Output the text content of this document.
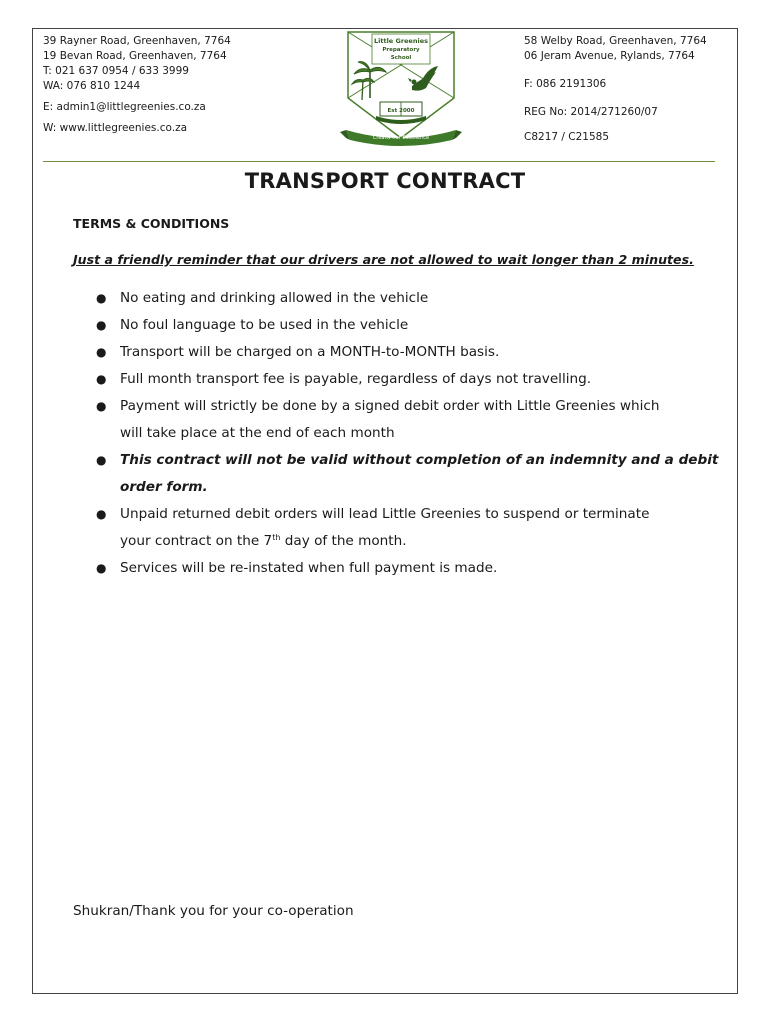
39 Rayner Road, Greenhaven, 7764
19 Bevan Road, Greenhaven, 7764
T: 021 637 0954 / 633 3999
WA: 076 810 1244
E: admin1@littlegreenies.co.za
W: www.littlegreenies.co.za
Little Greenies
Preparatory
School
Est 2000
Creativ nur Excellence
58 Welby Road, Greenhaven, 7764
06 Jeram Avenue, Rylands, 7764
F: 086 2191306
REG No: 2014/271260/07
C8217 / C21585
TRANSPORT CONTRACT
TERMS & CONDITIONS
Just a friendly reminder that our drivers are not allowed to wait longer than 2 minutes.
● No eating and drinking allowed in the vehicle
● No foul language to be used in the vehicle
● Transport will be charged on a MONTH-to-MONTH basis.
● Full month transport fee is payable, regardless of days not travelling.
● Payment will strictly be done by a signed debit order with Little Greenies which
will take place at the end of each month
● This contract will not be valid without completion of an indemnity and a debit
order form.
● Unpaid returned debit orders will lead Little Greenies to suspend or terminate
your contract on the 7th day of the month.
● Services will be re-instated when full payment is made.
Shukran/Thank you for your co-operation
